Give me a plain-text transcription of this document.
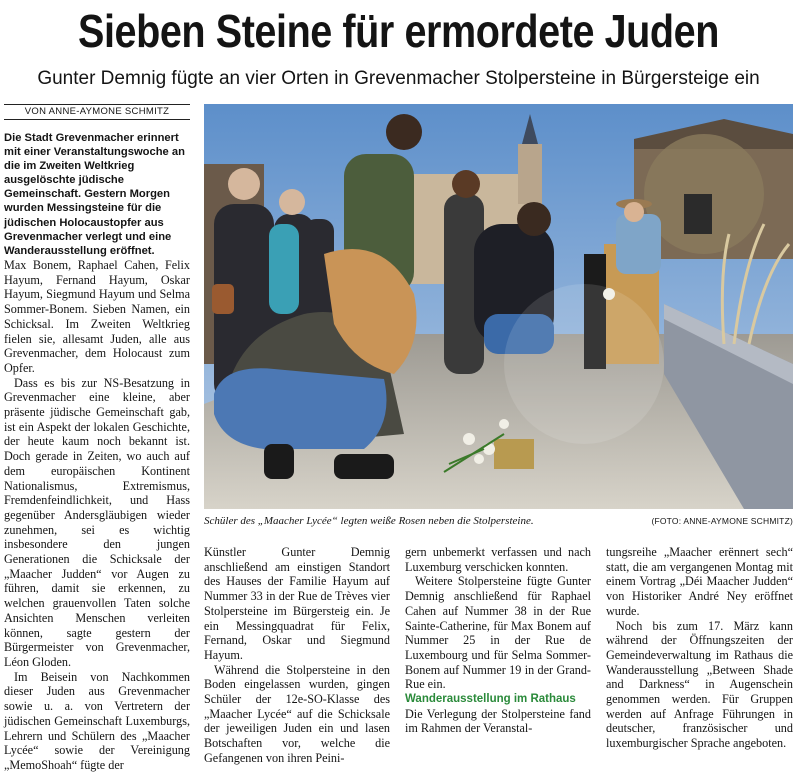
Sieben Steine für ermordete Juden
Gunter Demnig fügte an vier Orten in Grevenmacher Stolpersteine in Bürgersteige ein
VON ANNE-AYMONE SCHMITZ
Die Stadt Grevenmacher erinnert mit einer Veranstaltungswoche an die im Zweiten Weltkrieg ausgelöschte jüdische Gemeinschaft. Gestern Morgen wurden Messingsteine für die jüdischen Holocaustopfer aus Grevenmacher verlegt und eine Wanderausstellung eröffnet.

Max Bonem, Raphael Cahen, Felix Hayum, Fernand Hayum, Oskar Hayum, Siegmund Hayum und Selma Sommer-Bonem. Sieben Namen, ein Schicksal. Im Zweiten Weltkrieg fielen sie, allesamt Juden, alle aus Grevenmacher, dem Holocaust zum Opfer.

Dass es bis zur NS-Besatzung in Grevenmacher eine kleine, aber präsente jüdische Gemeinschaft gab, ist ein Aspekt der lokalen Geschichte, der heute kaum noch bekannt ist. Doch gerade in Zeiten, wo auch auf dem europäischen Kontinent Nationalismus, Extremismus, Fremdenfeindlichkeit, und Hass gegenüber Andersgläubigen wieder zunehmen, sei es wichtig insbesondere den jungen Generationen die Schicksale der „Maacher Judden“ vor Augen zu führen, damit sie erkennen, zu welchen grauenvollen Taten solche Ansichten Menschen verleiten können, sagte gestern der Bürgermeister von Grevenmacher, Léon Gloden.

Im Beisein von Nachkommen dieser Juden aus Grevenmacher sowie u. a. von Vertretern der jüdischen Gemeinschaft Luxemburgs, Lehrern und Schülern des „Maacher Lycée“ sowie der Vereinigung „MemoShoah“ fügte der

Schüler des „Maacher Lycée“ legten weiße Rosen neben die Stolpersteine.	(FOTO: ANNE-AYMONE SCHMITZ)

Künstler Gunter Demnig anschließend am einstigen Standort des Hauses der Familie Hayum auf Nummer 33 in der Rue de Trèves vier Stolpersteine im Bürgersteig ein. Je ein Messingquadrat für Felix, Fernand, Oskar und Siegmund Hayum.

Während die Stolpersteine in den Boden eingelassen wurden, gingen Schüler der 12e-SO-Klasse des „Maacher Lycée“ auf die Schicksale der jeweiligen Juden ein und lasen Botschaften vor, welche die Gefangenen von ihren Peini-

gern unbemerkt verfassen und nach Luxemburg verschicken konnten.

Weitere Stolpersteine fügte Gunter Demnig anschließend für Raphael Cahen auf Nummer 38 in der Rue Sainte-Catherine, für Max Bonem auf Nummer 25 in der Rue de Luxembourg und für Selma Sommer-Bonem auf Nummer 19 in der Grand-Rue ein.

Wanderausstellung im Rathaus

Die Verlegung der Stolpersteine fand im Rahmen der Veranstal-

tungsreihe „Maacher erënnert sech“ statt, die am vergangenen Montag mit einem Vortrag „Déi Maacher Judden“ von Historiker André Ney eröffnet wurde.

Noch bis zum 17. März kann während der Öffnungszeiten der Gemeindeverwaltung im Rathaus die Wanderausstellung „Between Shade and Darkness“ in Augenschein genommen werden. Für Gruppen werden auf Anfrage Führungen in deutscher, französischer und luxemburgischer Sprache angeboten.
